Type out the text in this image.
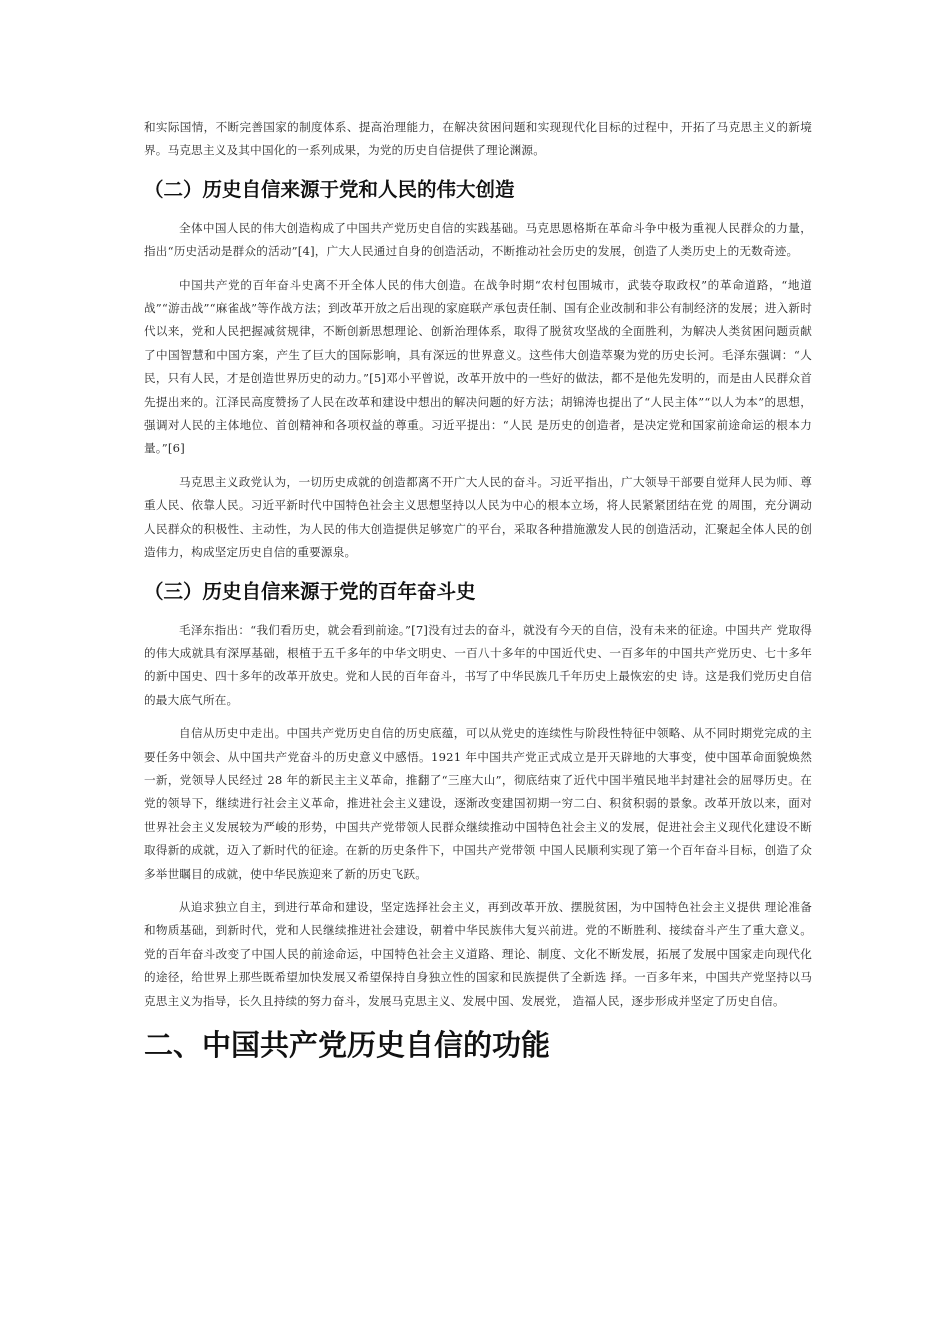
和实际国情，不断完善国家的制度体系、提高治理能力，在解决贫困问题和实现现代化目标的过程中，开拓了马克思主义的新境界。马克思主义及其中国化的一系列成果，为党的历史自信提供了理论渊源。

（二）历史自信来源于党和人民的伟大创造

全体中国人民的伟大创造构成了中国共产党历史自信的实践基础。马克思恩格斯在革命斗争中极为重视人民群众的力量，指出“历史活动是群众的活动”[4]，广大人民通过自身的创造活动，不断推动社会历史的发展，创造了人类历史上的无数奇迹。

中国共产党的百年奋斗史离不开全体人民的伟大创造。在战争时期“农村包围城市，武装夺取政权”的革命道路，“地道战”“游击战”“麻雀战”等作战方法；到改革开放之后出现的家庭联产承包责任制、国有企业改制和非公有制经济的发展；进入新时代以来，党和人民把握减贫规律，不断创新思想理论、创新治理体系，取得了脱贫攻坚战的全面胜利，为解决人类贫困问题贡献了中国智慧和中国方案，产生了巨大的国际影响，具有深远的世界意义。这些伟大创造萃聚为党的历史长河。毛泽东强调：“人民，只有人民，才是创造世界历史的动力。”[5]邓小平曾说，改革开放中的一些好的做法，都不是他先发明的，而是由人民群众首先提出来的。江泽民高度赞扬了人民在改革和建设中想出的解决问题的好方法；胡锦涛也提出了“人民主体”“以人为本”的思想，强调对人民的主体地位、首创精神和各项权益的尊重。习近平提出：“人民 是历史的创造者，是决定党和国家前途命运的根本力量。”[6]

马克思主义政党认为，一切历史成就的创造都离不开广大人民的奋斗。习近平指出，广大领导干部要自觉拜人民为师、尊重人民、依靠人民。习近平新时代中国特色社会主义思想坚持以人民为中心的根本立场，将人民紧紧团结在党 的周围，充分调动人民群众的积极性、主动性，为人民的伟大创造提供足够宽广的平台，采取各种措施激发人民的创造活动，汇聚起全体人民的创造伟力，构成坚定历史自信的重要源泉。

（三）历史自信来源于党的百年奋斗史

毛泽东指出：“我们看历史，就会看到前途。”[7]没有过去的奋斗，就没有今天的自信，没有未来的征途。中国共产 党取得的伟大成就具有深厚基础，根植于五千多年的中华文明史、一百八十多年的中国近代史、一百多年的中国共产党历史、七十多年的新中国史、四十多年的改革开放史。党和人民的百年奋斗，书写了中华民族几千年历史上最恢宏的史 诗。这是我们党历史自信的最大底气所在。

自信从历史中走出。中国共产党历史自信的历史底蕴，可以从党史的连续性与阶段性特征中领略、从不同时期党完成的主要任务中领会、从中国共产党奋斗的历史意义中感悟。1921 年中国共产党正式成立是开天辟地的大事变，使中国革命面貌焕然一新，党领导人民经过 28 年的新民主主义革命，推翻了“三座大山”，彻底结束了近代中国半殖民地半封建社会的屈辱历史。在党的领导下，继续进行社会主义革命，推进社会主义建设，逐渐改变建国初期一穷二白、积贫积弱的景象。改革开放以来，面对世界社会主义发展较为严峻的形势，中国共产党带领人民群众继续推动中国特色社会主义的发展，促进社会主义现代化建设不断取得新的成就，迈入了新时代的征途。在新的历史条件下，中国共产党带领 中国人民顺利实现了第一个百年奋斗目标，创造了众多举世瞩目的成就，使中华民族迎来了新的历史飞跃。

从追求独立自主，到进行革命和建设，坚定选择社会主义，再到改革开放、摆脱贫困，为中国特色社会主义提供 理论准备和物质基础，到新时代，党和人民继续推进社会建设，朝着中华民族伟大复兴前进。党的不断胜利、接续奋斗产生了重大意义。党的百年奋斗改变了中国人民的前途命运，中国特色社会主义道路、理论、制度、文化不断发展，拓展了发展中国家走向现代化的途径，给世界上那些既希望加快发展又希望保持自身独立性的国家和民族提供了全新选 择。一百多年来，中国共产党坚持以马克思主义为指导，长久且持续的努力奋斗，发展马克思主义、发展中国、发展党， 造福人民，逐步形成并坚定了历史自信。

二、中国共产党历史自信的功能
